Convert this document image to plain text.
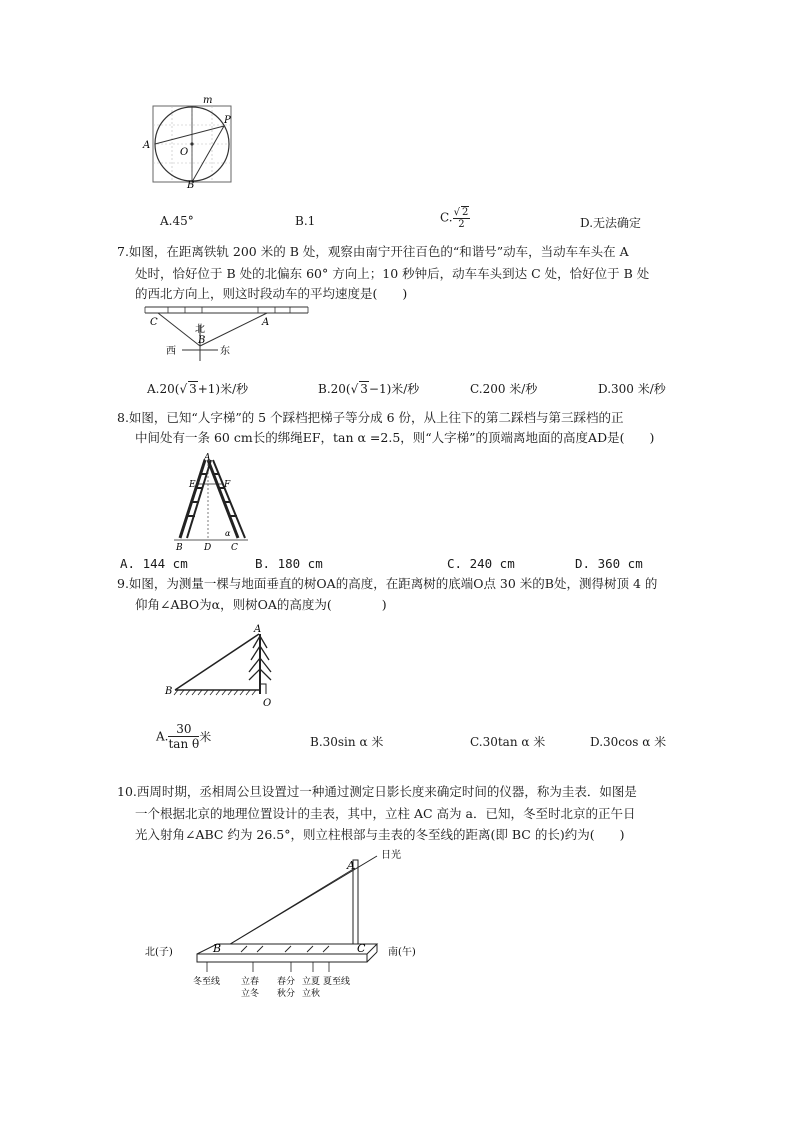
A
B
O
P
m
A.45°	B.1	C. $\frac{√ 2}{2}$	D.无法确定
7.如图，在距离铁轨 200 米的 B 处，观察由南宁开往百色的“和谐号”动车，当动车车头在 A
处时，恰好位于 B 处的北偏东 60° 方向上；10 秒钟后，动车车头到达 C 处，恰好位于 B 处
的西北方向上，则这时段动车的平均速度是(　　)
C	A
B
北
西	东
A.20(√ 3+1)米/秒	B.20(√ 3−1)米/秒	C.200 米/秒	D.300 米/秒
8.如图，已知“人字梯”的 5 个踩档把梯子等分成 6 份，从上往下的第二踩档与第三踩档的正
中间处有一条 60 cm长的绑绳EF，tan α =2.5，则“人字梯”的顶端离地面的高度AD是(　　)
A
E	F
B D C
α
A. 144 cm	B. 180 cm	C. 240 cm	D. 360 cm
9.如图，为测量一棵与地面垂直的树OA的高度，在距离树的底端O点 30 米的B处，测得树顶 4 的
仰角∠ABO为α，则树OA的高度为(　　　　)
A
B
O
A. $\frac{30}{\text{tan θ}}$ 米	B.30sin α 米	C.30tan α 米	D.30cos α 米
10.西周时期，丞相周公旦设置过一种通过测定日影长度来确定时间的仪器，称为圭表．如图是
一个根据北京的地理位置设计的圭表，其中，立柱 AC 高为 a．已知，冬至时北京的正午日
光入射角∠ABC 约为 26.5°，则立柱根部与圭表的冬至线的距离(即 BC 的长)约为(　　)
A
B	C
日光
北(子)	南(午)
冬至线 立春
立冬
春分
秋分
立夏
立秋
夏至线
